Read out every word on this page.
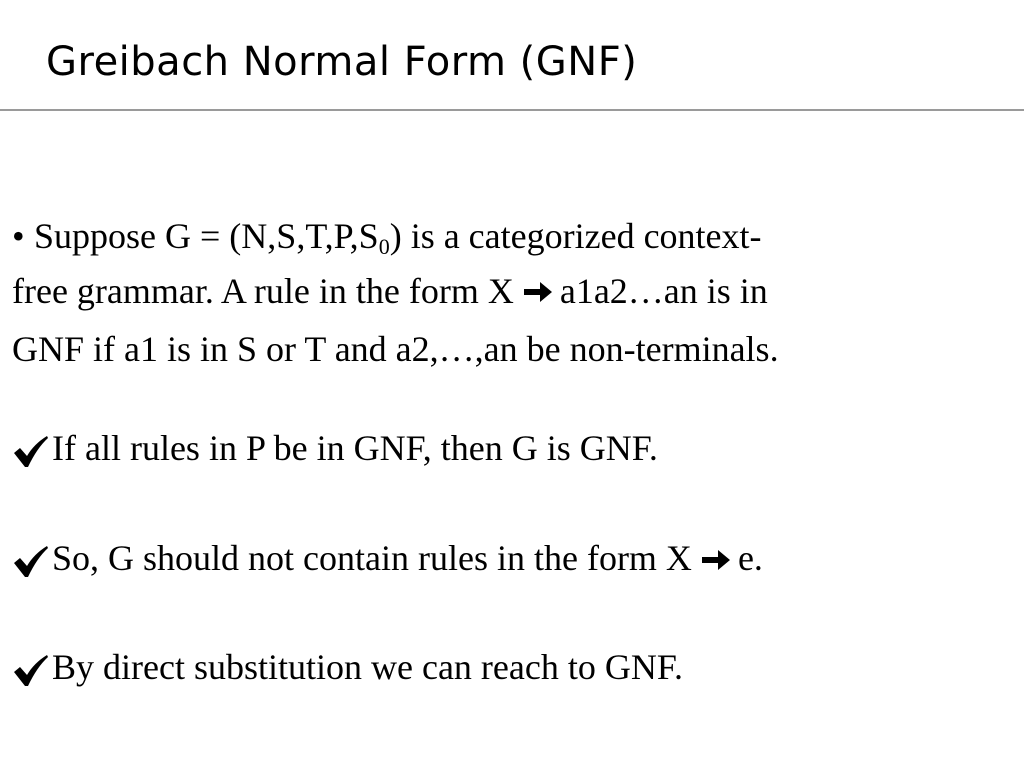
Greibach Normal Form (GNF)
• Suppose $G = (N,S,T,P,S_0)$ is a categorized context-
free grammar. A rule in the form X a1a2…an is in
GNF if a1 is in S or T and a2,…,an be non-terminals.
If all rules in P be in GNF, then G is GNF.
So, G should not contain rules in the form X e.
By direct substitution we can reach to GNF.
